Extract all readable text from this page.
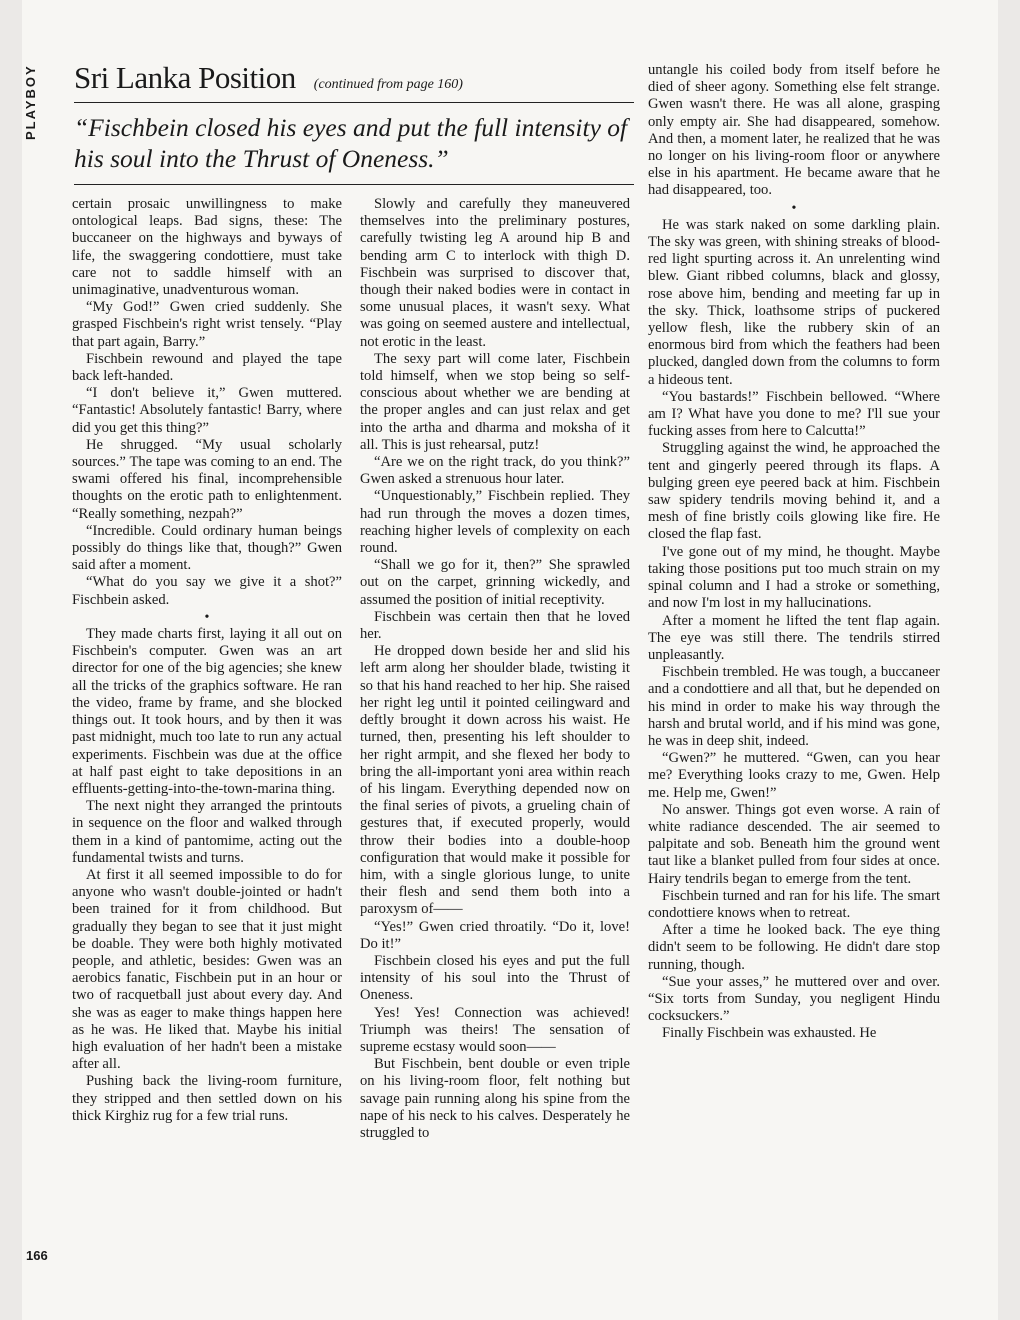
PLAYBOY	Sri Lanka Position (continued from page 160)
“Fischbein closed his eyes and put the full intensity of his soul into the Thrust of Oneness.”

certain prosaic unwillingness to make ontological leaps. Bad signs, these: The buccaneer on the highways and byways of life, the swaggering condottiere, must take care not to saddle himself with an unimaginative, unadventurous woman.

“My God!” Gwen cried suddenly. She grasped Fischbein's right wrist tensely. “Play that part again, Barry.”

Fischbein rewound and played the tape back left-handed.

“I don't believe it,” Gwen muttered. “Fantastic! Absolutely fantastic! Barry, where did you get this thing?”

He shrugged. “My usual scholarly sources.” The tape was coming to an end. The swami offered his final, incomprehensible thoughts on the erotic path to enlightenment. “Really something, nezpah?”

“Incredible. Could ordinary human beings possibly do things like that, though?” Gwen said after a moment.

“What do you say we give it a shot?” Fischbein asked.

•

They made charts first, laying it all out on Fischbein's computer. Gwen was an art director for one of the big agencies; she knew all the tricks of the graphics software. He ran the video, frame by frame, and she blocked things out. It took hours, and by then it was past midnight, much too late to run any actual experiments. Fischbein was due at the office at half past eight to take depositions in an effluents-getting-into-the-town-marina thing.

The next night they arranged the printouts in sequence on the floor and walked through them in a kind of pantomime, acting out the fundamental twists and turns.

At first it all seemed impossible to do for anyone who wasn't double-jointed or hadn't been trained for it from childhood. But gradually they began to see that it just might be doable. They were both highly motivated people, and athletic, besides: Gwen was an aerobics fanatic, Fischbein put in an hour or two of racquetball just about every day. And she was as eager to make things happen here as he was. He liked that. Maybe his initial high evaluation of her hadn't been a mistake after all.

Pushing back the living-room furniture, they stripped and then settled down on his thick Kirghiz rug for a few trial runs.

Slowly and carefully they maneuvered themselves into the preliminary postures, carefully twisting leg A around hip B and bending arm C to interlock with thigh D. Fischbein was surprised to discover that, though their naked bodies were in contact in some unusual places, it wasn't sexy. What was going on seemed austere and intellectual, not erotic in the least.

The sexy part will come later, Fischbein told himself, when we stop being so self-conscious about whether we are bending at the proper angles and can just relax and get into the artha and dharma and moksha of it all. This is just rehearsal, putz!

“Are we on the right track, do you think?” Gwen asked a strenuous hour later.

“Unquestionably,” Fischbein replied. They had run through the moves a dozen times, reaching higher levels of complexity on each round.

“Shall we go for it, then?” She sprawled out on the carpet, grinning wickedly, and assumed the position of initial receptivity.

Fischbein was certain then that he loved her.

He dropped down beside her and slid his left arm along her shoulder blade, twisting it so that his hand reached to her hip. She raised her right leg until it pointed ceilingward and deftly brought it down across his waist. He turned, then, presenting his left shoulder to her right armpit, and she flexed her body to bring the all-important yoni area within reach of his lingam. Everything depended now on the final series of pivots, a grueling chain of gestures that, if executed properly, would throw their bodies into a double-hoop configuration that would make it possible for him, with a single glorious lunge, to unite their flesh and send them both into a paroxysm of——

“Yes!” Gwen cried throatily. “Do it, love! Do it!”

Fischbein closed his eyes and put the full intensity of his soul into the Thrust of Oneness.

Yes! Yes! Connection was achieved! Triumph was theirs! The sensation of supreme ecstasy would soon——

But Fischbein, bent double or even triple on his living-room floor, felt nothing but savage pain running along his spine from the nape of his neck to his calves. Desperately he struggled to

untangle his coiled body from itself before he died of sheer agony. Something else felt strange. Gwen wasn't there. He was all alone, grasping only empty air. She had disappeared, somehow. And then, a moment later, he realized that he was no longer on his living-room floor or anywhere else in his apartment. He became aware that he had disappeared, too.

•

He was stark naked on some darkling plain. The sky was green, with shining streaks of blood-red light spurting across it. An unrelenting wind blew. Giant ribbed columns, black and glossy, rose above him, bending and meeting far up in the sky. Thick, loathsome strips of puckered yellow flesh, like the rubbery skin of an enormous bird from which the feathers had been plucked, dangled down from the columns to form a hideous tent.

“You bastards!” Fischbein bellowed. “Where am I? What have you done to me? I'll sue your fucking asses from here to Calcutta!”

Struggling against the wind, he approached the tent and gingerly peered through its flaps. A bulging green eye peered back at him. Fischbein saw spidery tendrils moving behind it, and a mesh of fine bristly coils glowing like fire. He closed the flap fast.

I've gone out of my mind, he thought. Maybe taking those positions put too much strain on my spinal column and I had a stroke or something, and now I'm lost in my hallucinations.

After a moment he lifted the tent flap again. The eye was still there. The tendrils stirred unpleasantly.

Fischbein trembled. He was tough, a buccaneer and a condottiere and all that, but he depended on his mind in order to make his way through the harsh and brutal world, and if his mind was gone, he was in deep shit, indeed.

“Gwen?” he muttered. “Gwen, can you hear me? Everything looks crazy to me, Gwen. Help me. Help me, Gwen!”

No answer. Things got even worse. A rain of white radiance descended. The air seemed to palpitate and sob. Beneath him the ground went taut like a blanket pulled from four sides at once. Hairy tendrils began to emerge from the tent.

Fischbein turned and ran for his life. The smart condottiere knows when to retreat.

After a time he looked back. The eye thing didn't seem to be following. He didn't dare stop running, though.

“Sue your asses,” he muttered over and over. “Six torts from Sunday, you negligent Hindu cocksuckers.”

Finally Fischbein was exhausted. He

166
